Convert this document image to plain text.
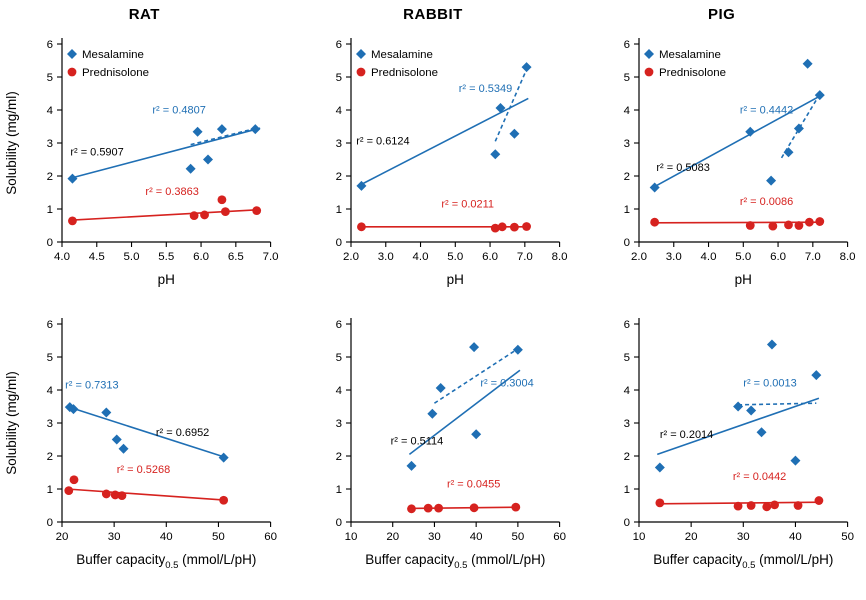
RAT
0
1
2
3
4
5
6
4.0 4.5 5.0 5.5 6.0 6.5 7.0
Solubility (mg/ml)
pH
r² = 0.5907
r² = 0.4807
r² = 0.3863
Mesalamine
Prednisolone
RABBIT
0
1
2
3
4
5
6
2.0 3.0 4.0 5.0 6.0 7.0 8.0
pH
r² = 0.6124
r² = 0.5349
r² = 0.0211
Mesalamine
Prednisolone
PIG
0
1
2
3
4
5
6
2.0 3.0 4.0 5.0 6.0 7.0 8.0
pH
r² = 0.5083
r² = 0.4442
r² = 0.0086
Mesalamine
Prednisolone
0
1
2
3
4
5
6
20	30	40	50	60
Solubility (mg/ml)
Buffer capacity$_{0.5}$ (mmol/L/pH)
r² = 0.6952
r² = 0.7313
r² = 0.5268
0
1
2
3
4
5
6
10	20	30	40	50	60
Buffer capacity$_{0.5}$ (mmol/L/pH)
r² = 0.5114
r² = 0.3004
r² = 0.0455
0
1
2
3
4
5
6
10	20	30	40	50
Buffer capacity$_{0.5}$ (mmol/L/pH)
r² = 0.2014
r² = 0.0013
r² = 0.0442
